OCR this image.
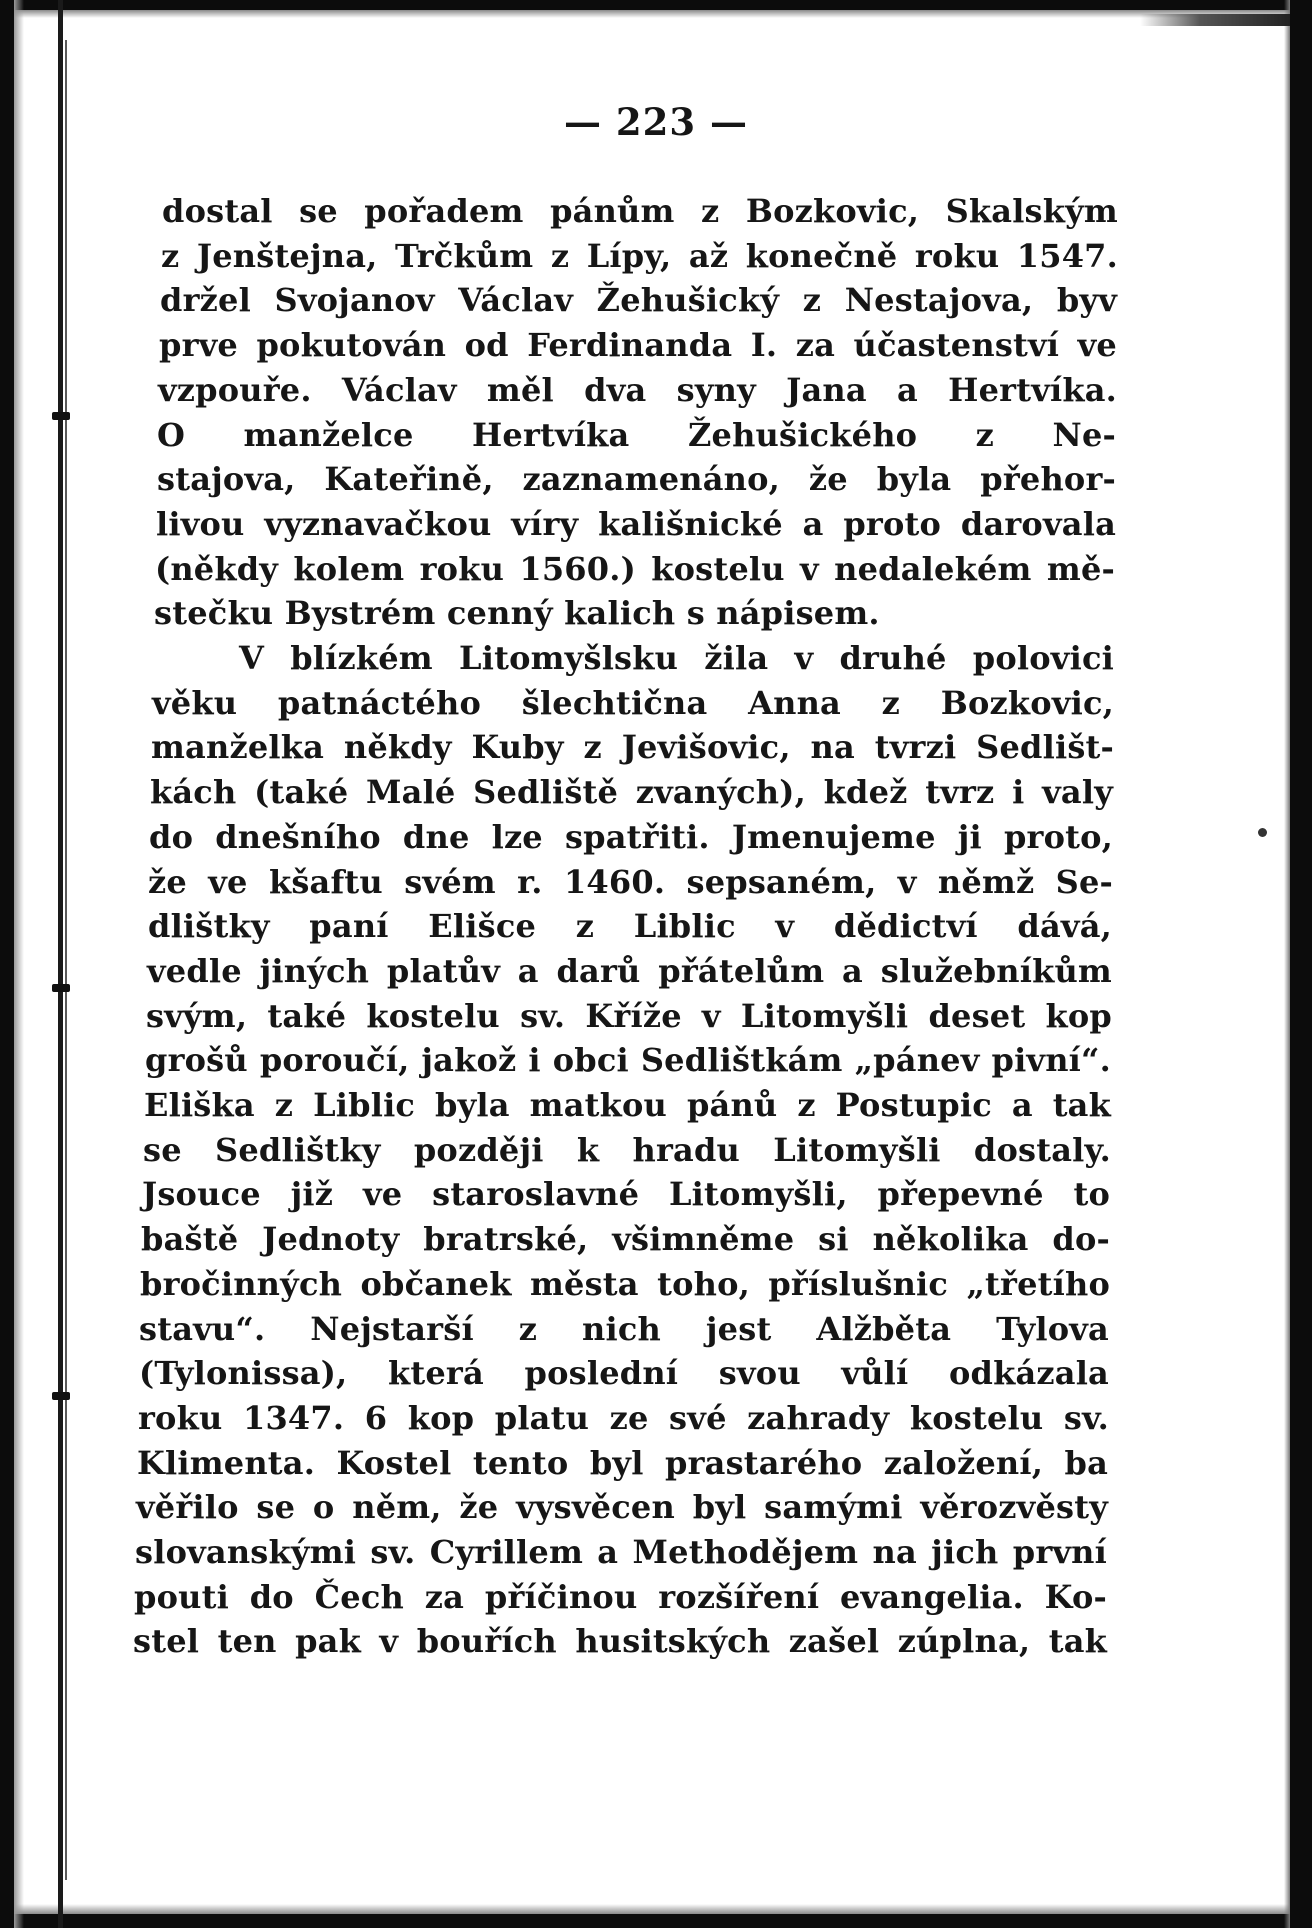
— 223 —
dostal se pořadem pánům z Bozkovic, Skalským
z Jenštejna, Trčkům z Lípy, až konečně roku 1547.
držel Svojanov Václav Žehušický z Nestajova, byv
prve pokutován od Ferdinanda I. za účastenství ve
vzpouře. Václav měl dva syny Jana a Hertvíka.
O manželce Hertvíka Žehušického z Ne-
stajova, Kateřině, zaznamenáno, že byla přehor-
livou vyznavačkou víry kališnické a proto darovala
(někdy kolem roku 1560.) kostelu v nedalekém mě-
stečku Bystrém cenný kalich s nápisem.
V blízkém Litomyšlsku žila v druhé polovici
věku patnáctého šlechtična Anna z Bozkovic,
manželka někdy Kuby z Jevišovic, na tvrzi Sedlišt-
kách (také Malé Sedliště zvaných), kdež tvrz i valy
do dnešního dne lze spatřiti. Jmenujeme ji proto,
že ve kšaftu svém r. 1460. sepsaném, v němž Se-
dlištky paní Elišce z Liblic v dědictví dává,
vedle jiných platův a darů přátelům a služebníkům
svým, také kostelu sv. Kříže v Litomyšli deset kop
grošů poroučí, jakož i obci Sedlištkám „pánev pivní“.
Eliška z Liblic byla matkou pánů z Postupic a tak
se Sedlištky později k hradu Litomyšli dostaly.
Jsouce již ve staroslavné Litomyšli, přepevné to
baště Jednoty bratrské, všimněme si několika do-
bročinných občanek města toho, příslušnic „třetího
stavu“. Nejstarší z nich jest Alžběta Tylova
(Tylonissa), která poslední svou vůlí odkázala
roku 1347. 6 kop platu ze své zahrady kostelu sv.
Klimenta. Kostel tento byl prastarého založení, ba
věřilo se o něm, že vysvěcen byl samými věrozvěsty
slovanskými sv. Cyrillem a Methodějem na jich první
pouti do Čech za příčinou rozšíření evangelia. Ko-
stel ten pak v bouřích husitských zašel zúplna, tak
